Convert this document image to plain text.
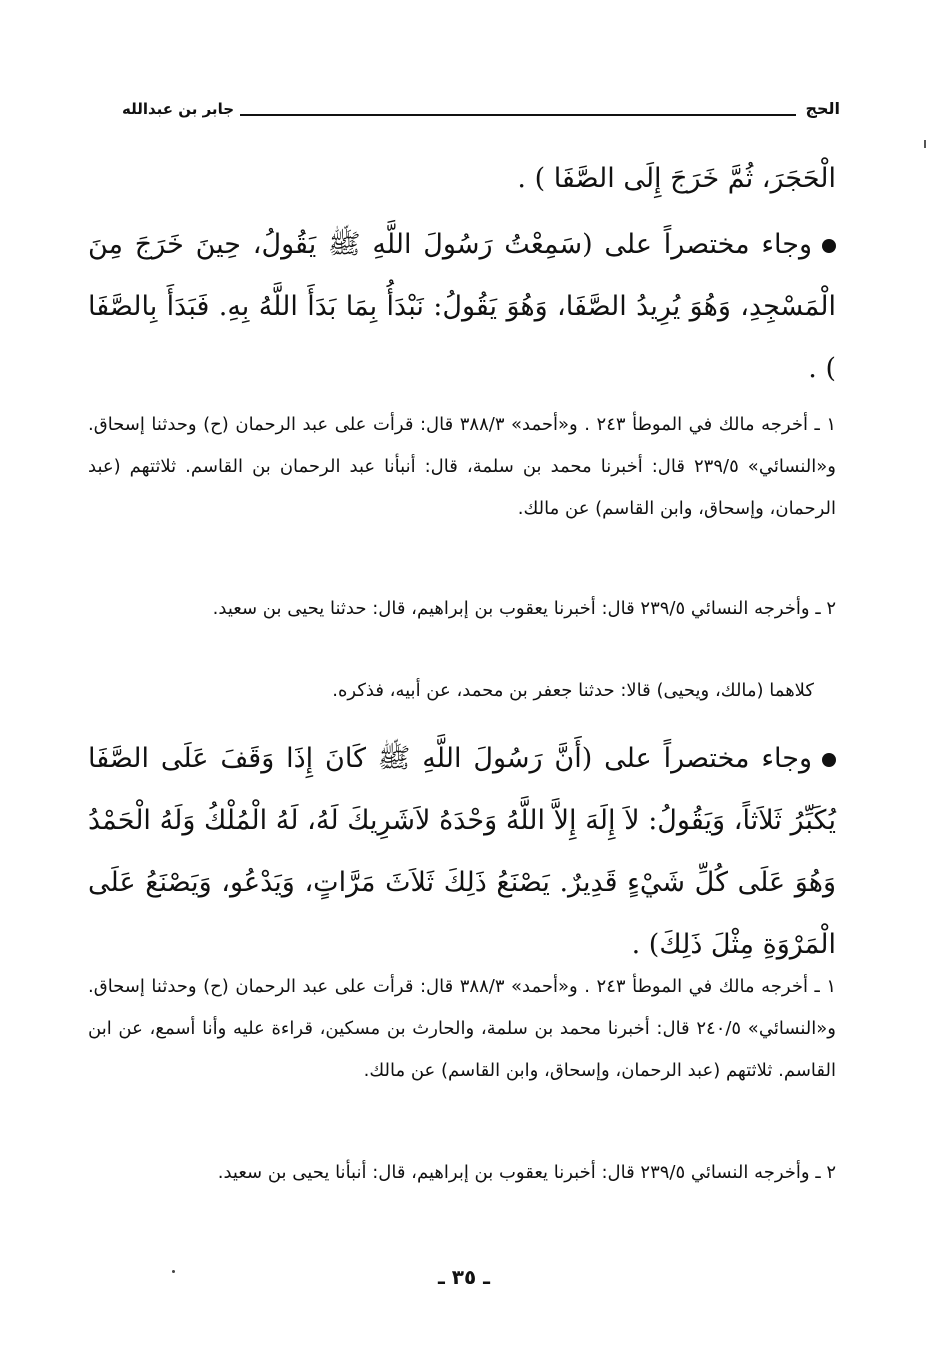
الحج
جابر بن عبدالله
الْحَجَرَ، ثُمَّ خَرَجَ إِلَى الصَّفَا ) .
وجاء مختصراً على (سَمِعْتُ رَسُولَ اللَّهِ ﷺ يَقُولُ، حِينَ خَرَجَ مِنَ الْمَسْجِدِ، وَهُوَ يُرِيدُ الصَّفَا، وَهُوَ يَقُولُ: نَبْدَأُ بِمَا بَدَأَ اللَّهُ بِهِ. فَبَدَأَ بِالصَّفَا ) .
١ ـ أخرجه مالك في الموطأ ٢٤٣ . و«أحمد» ٣٨٨/٣ قال: قرأت على عبد الرحمان (ح) وحدثنا إسحاق. و«النسائي» ٢٣٩/٥ قال: أخبرنا محمد بن سلمة، قال: أنبأنا عبد الرحمان بن القاسم. ثلاثتهم (عبد الرحمان، وإسحاق، وابن القاسم) عن مالك.
٢ ـ وأخرجه النسائي ٢٣٩/٥ قال: أخبرنا يعقوب بن إبراهيم، قال: حدثنا يحيى بن سعيد.
كلاهما (مالك، ويحيى) قالا: حدثنا جعفر بن محمد، عن أبيه، فذكره.
وجاء مختصراً على (أَنَّ رَسُولَ اللَّهِ ﷺ كَانَ إِذَا وَقَفَ عَلَى الصَّفَا يُكَبِّرُ ثَلاَثاً، وَيَقُولُ: لاَ إِلَهَ إِلاَّ اللَّهُ وَحْدَهُ لاَشَرِيكَ لَهُ، لَهُ الْمُلْكُ وَلَهُ الْحَمْدُ وَهُوَ عَلَى كُلِّ شَيْءٍ قَدِيرٌ. يَصْنَعُ ذَلِكَ ثَلاَثَ مَرَّاتٍ، وَيَدْعُو، وَيَصْنَعُ عَلَى الْمَرْوَةِ مِثْلَ ذَلِكَ) .
١ ـ أخرجه مالك في الموطأ ٢٤٣ . و«أحمد» ٣٨٨/٣ قال: قرأت على عبد الرحمان (ح) وحدثنا إسحاق. و«النسائي» ٢٤٠/٥ قال: أخبرنا محمد بن سلمة، والحارث بن مسكين، قراءة عليه وأنا أسمع، عن ابن القاسم. ثلاثتهم (عبد الرحمان، وإسحاق، وابن القاسم) عن مالك.
٢ ـ وأخرجه النسائي ٢٣٩/٥ قال: أخبرنا يعقوب بن إبراهيم، قال: أنبأنا يحيى بن سعيد.
ـ ٣٥ ـ
